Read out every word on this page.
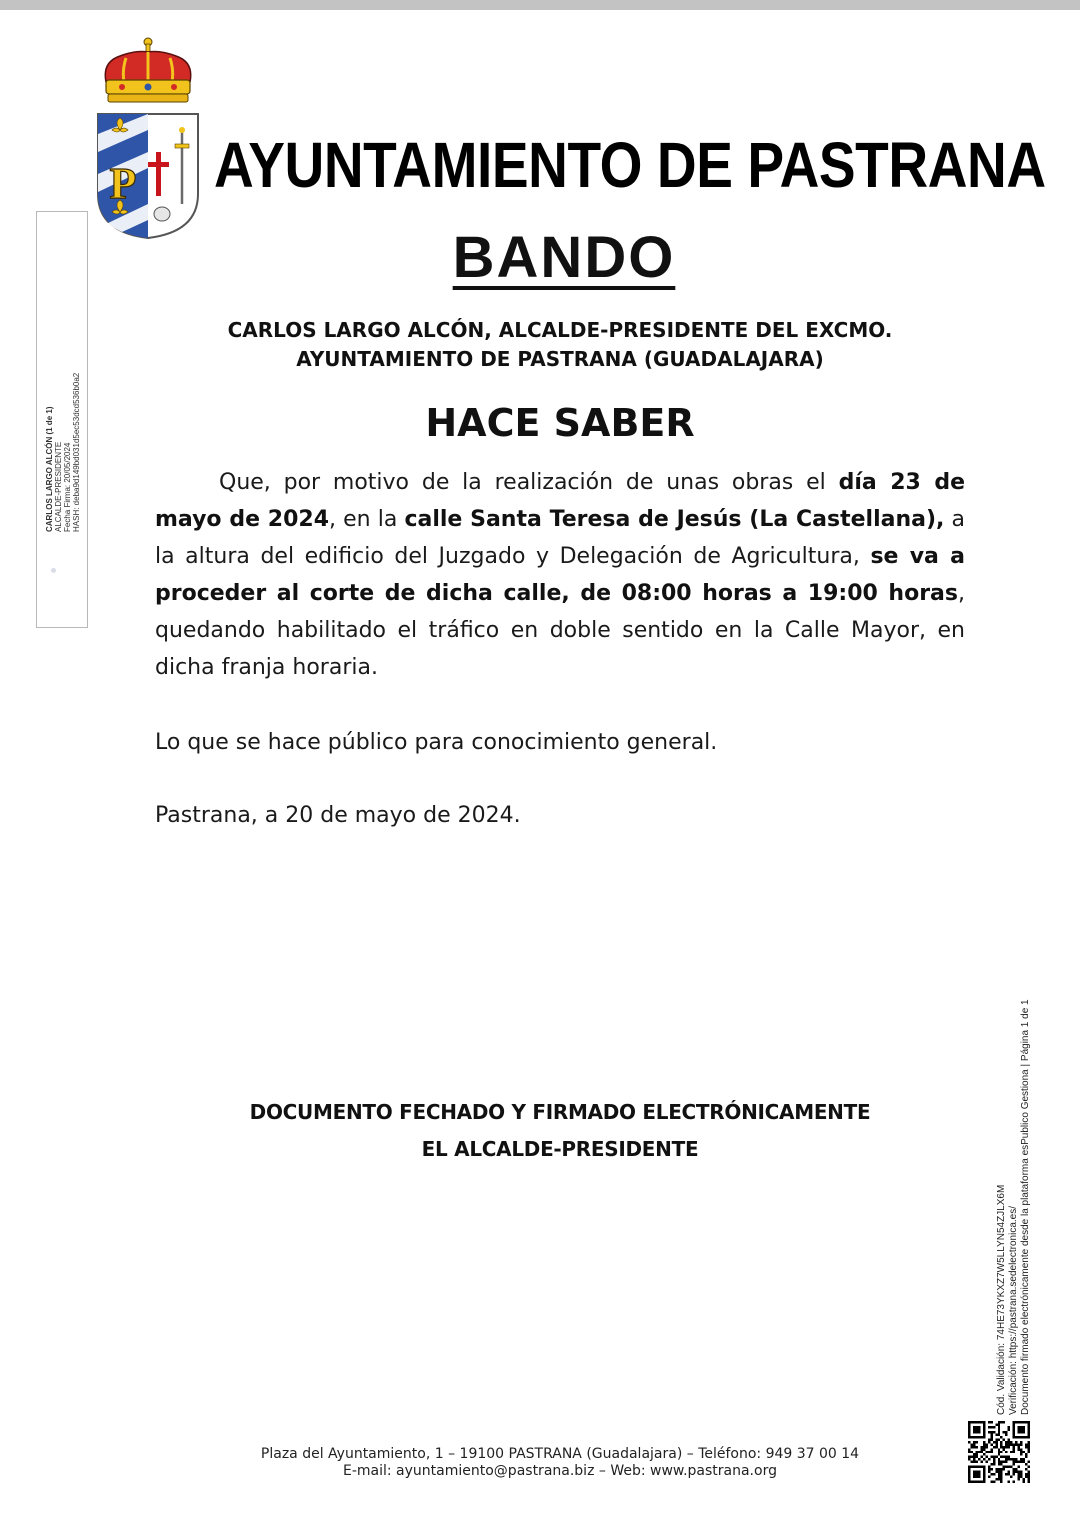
P AYUNTAMIENTO DE PASTRANA
BANDO
CARLOS LARGO ALCÓN, ALCALDE-PRESIDENTE DEL EXCMO.
AYUNTAMIENTO DE PASTRANA (GUADALAJARA)
HACE SABER
Que, por motivo de la realización de unas obras el día 23 de mayo de 2024, en la calle Santa Teresa de Jesús (La Castellana), a la altura del edificio del Juzgado y Delegación de Agricultura, se va a proceder al corte de dicha calle, de 08:00 horas a 19:00 horas, quedando habilitado el tráfico en doble sentido en la Calle Mayor, en dicha franja horaria.
Lo que se hace público para conocimiento general.
Pastrana, a 20 de mayo de 2024.
DOCUMENTO FECHADO Y FIRMADO ELECTRÓNICAMENTE
EL ALCALDE-PRESIDENTE
Plaza del Ayuntamiento, 1 – 19100 PASTRANA (Guadalajara) – Teléfono: 949 37 00 14
E-mail: ayuntamiento@pastrana.biz – Web: www.pastrana.org
CARLOS LARGO ALCÓN (1 de 1) ALCALDE-PRESIDENTE Fecha Firma: 20/05/2024 HASH: deba9d149bd031d5ec53dcd536b0a2
Cód. Validación: 74HE73YKXZ7W5LLYN54ZJLX6M Verificación: https://pastrana.sedelectronica.es/ Documento firmado electrónicamente desde la plataforma esPublico Gestiona | Página 1 de 1
